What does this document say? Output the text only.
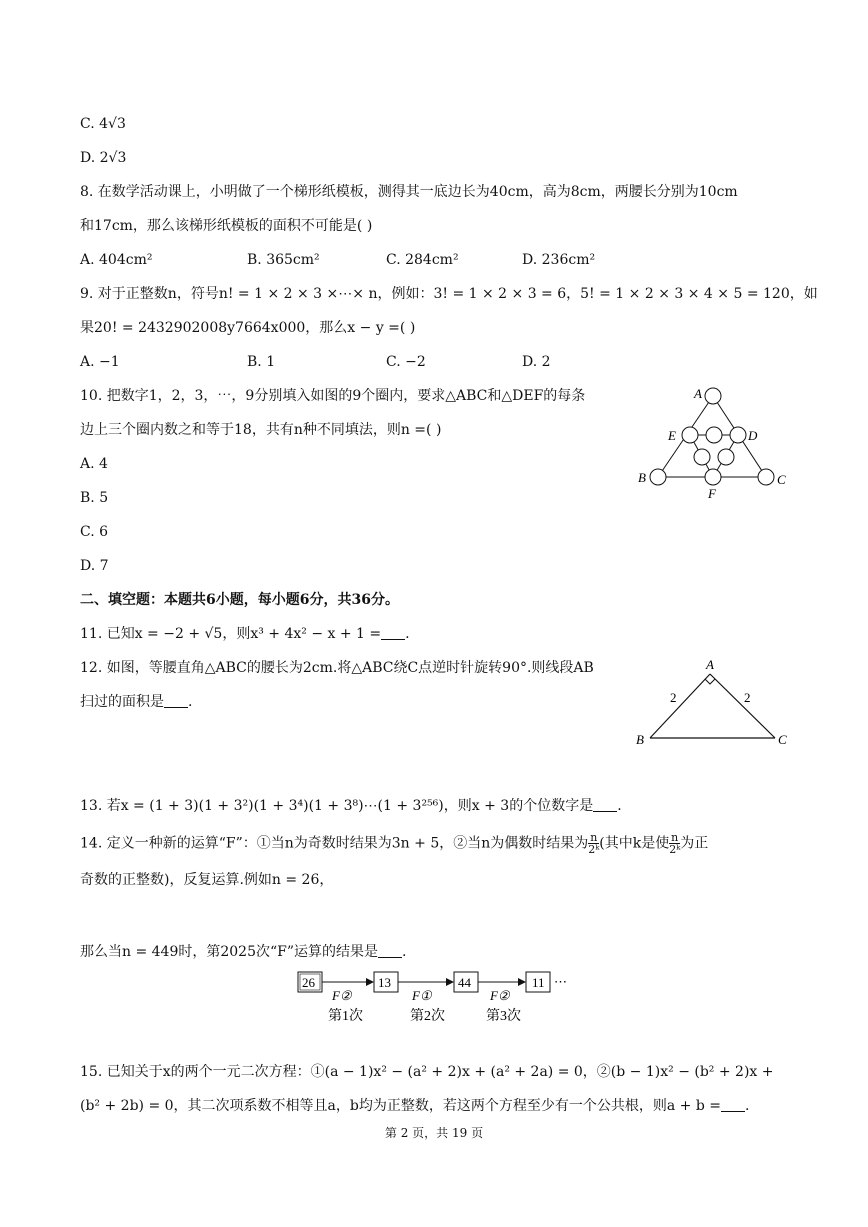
C. 4√3
D. 2√3
8. 在数学活动课上，小明做了一个梯形纸模板，测得其一底边长为40cm，高为8cm，两腰长分别为10cm
和17cm，那么该梯形纸模板的面积不可能是( )
A. 404cm²	B. 365cm²	C. 284cm²	D. 236cm²
9. 对于正整数n，符号n! = 1 × 2 × 3 ×⋯× n，例如：3! = 1 × 2 × 3 = 6，5! = 1 × 2 × 3 × 4 × 5 = 120，如
果20! = 2432902008y7664x000，那么x − y =( )
A. −1	B. 1	C. −2	D. 2
10. 把数字1，2，3，⋯，9分别填入如图的9个圈内，要求△ABC和△DEF的每条
边上三个圈内数之和等于18，共有n种不同填法，则n =( )
A. 4
B. 5
C. 6
D. 7
A
E	D
B	C
F
二、填空题：本题共6小题，每小题6分，共36分。
11. 已知x = −2 + √5，则x³ + 4x² − x + 1 = .
12. 如图，等腰直角△ABC的腰长为2cm.将△ABC绕C点逆时针旋转90°.则线段AB
扫过的面积是 .
A
B	C
2	2
13. 若x = (1 + 3)(1 + 3²)(1 + 3⁴)(1 + 3⁸)⋯(1 + 3²⁵⁶)，则x + 3的个位数字是 .
14. 定义一种新的运算“F”：①当n为奇数时结果为3n + 5，②当n为偶数时结果为 $\frac{n}{\text{2ᵏ}}$ (其中k是使 $\frac{n}{\text{2ᵏ}}$ 为正
奇数的正整数)，反复运算.例如n = 26，
那么当n = 449时，第2025次“F”运算的结果是 .
26	13	44	11 ⋯
F②	F①	F②
第1次	第2次	第3次
15. 已知关于x的两个一元二次方程：①(a − 1)x² − (a² + 2)x + (a² + 2a) = 0，②(b − 1)x² − (b² + 2)x +
(b² + 2b) = 0，其二次项系数不相等且a，b均为正整数，若这两个方程至少有一个公共根，则a + b = .
第 2 页，共 19 页
